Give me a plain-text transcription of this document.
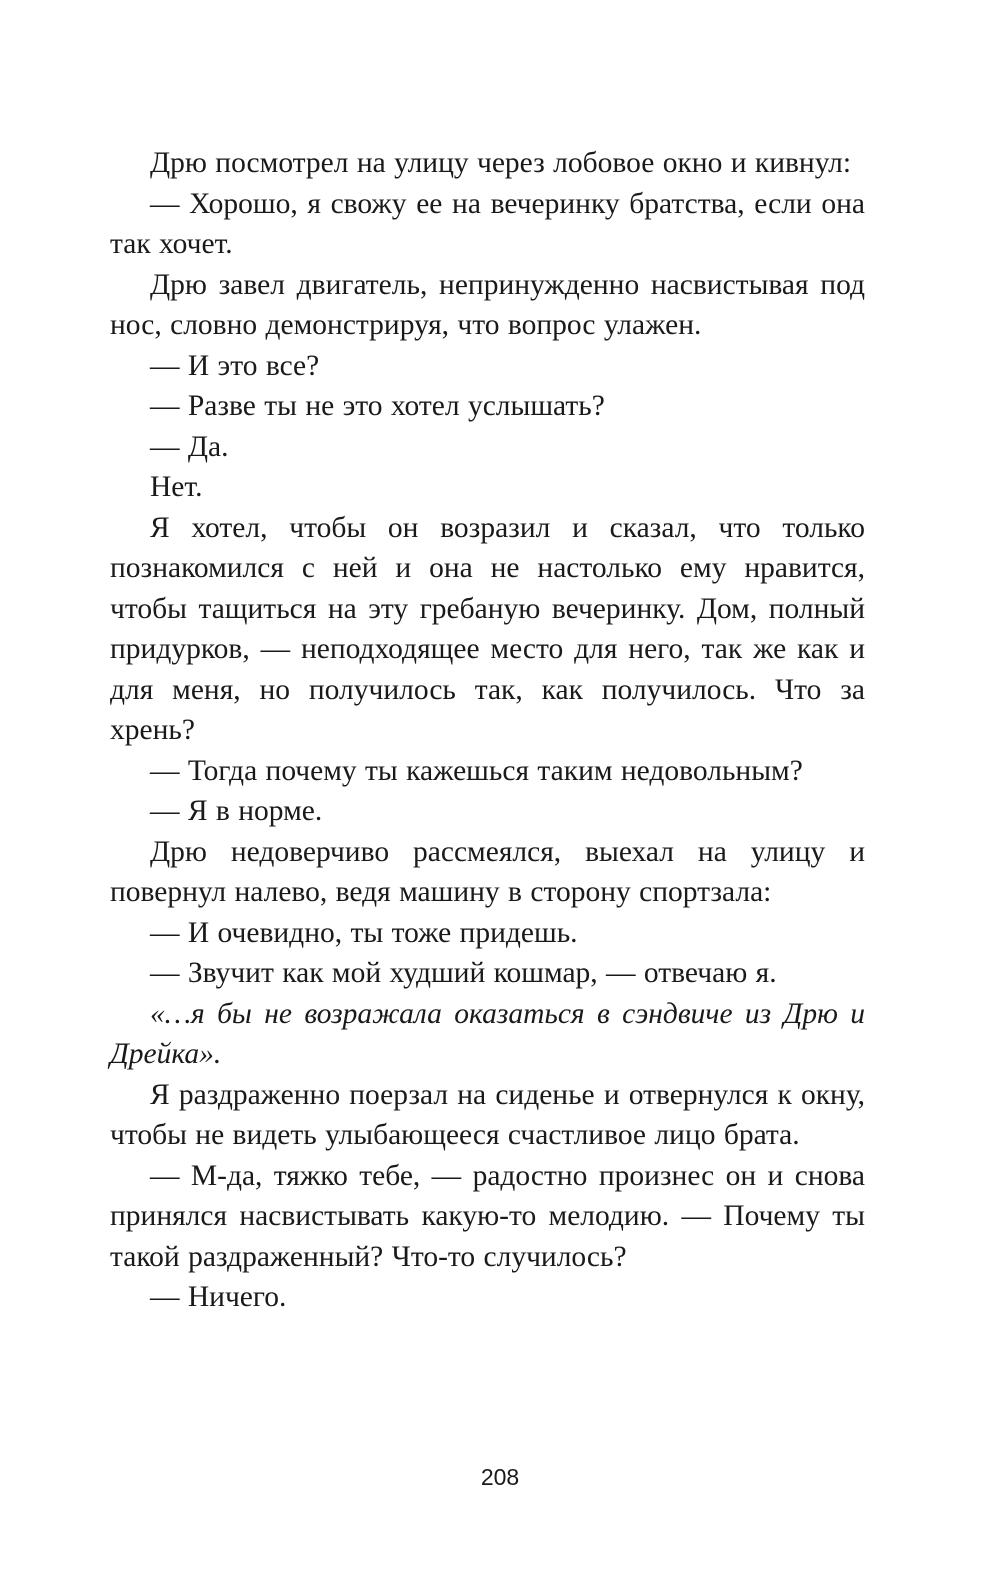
Дрю посмотрел на улицу через лобовое окно и кивнул:

— Хорошо, я свожу ее на вечеринку братства, если она так хочет.

Дрю завел двигатель, непринужденно насвистывая под нос, словно демонстрируя, что вопрос улажен.

— И это все?

— Разве ты не это хотел услышать?

— Да.

Нет.

Я хотел, чтобы он возразил и сказал, что только познакомился с ней и она не настолько ему нравится, чтобы тащиться на эту гребаную вечеринку. Дом, полный придурков, — неподходящее место для него, так же как и для меня, но получилось так, как получилось. Что за хрень?

— Тогда почему ты кажешься таким недовольным?

— Я в норме.

Дрю недоверчиво рассмеялся, выехал на улицу и повернул налево, ведя машину в сторону спортзала:

— И очевидно, ты тоже придешь.

— Звучит как мой худший кошмар, — отвечаю я.

«…я бы не возражала оказаться в сэндвиче из Дрю и Дрейка».

Я раздраженно поерзал на сиденье и отвернулся к окну, чтобы не видеть улыбающееся счастливое лицо брата.

— М-да, тяжко тебе, — радостно произнес он и снова принялся насвистывать какую-то мелодию. — Почему ты такой раздраженный? Что-то случилось?

— Ничего.

208
